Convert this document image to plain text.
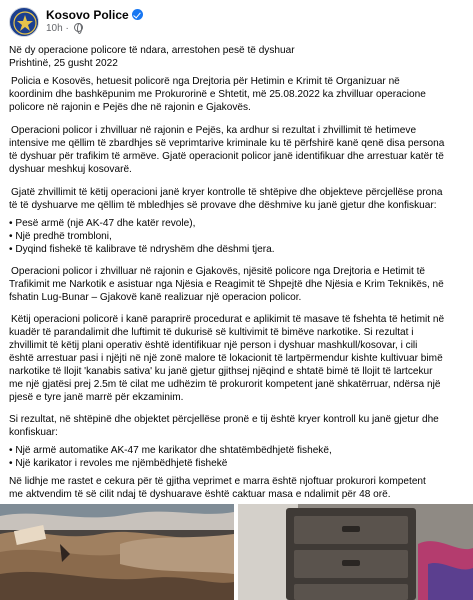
Kosovo Police
10h ·
Në dy operacione policore të ndara, arrestohen pesë të dyshuar
Prishtinë, 25 gusht 2022
Policia e Kosovës, hetuesit policorë nga Drejtoria për Hetimin e Krimit të Organizuar në
koordinim dhe bashkëpunim me Prokurorinë e Shtetit, më 25.08.2022 ka zhvilluar operacione
policore në rajonin e Pejës dhe në rajonin e Gjakovës.
Operacioni policor i zhvilluar në rajonin e Pejës, ka ardhur si rezultat i zhvillimit të hetimeve
intensive me qëllim të zbardhjes së veprimtarive kriminale ku të përfshirë kanë qenë disa persona
të dyshuar për trafikim të armëve. Gjatë operacionit policor janë identifikuar dhe arrestuar katër të
dyshuar meshkuj kosovarë.
Gjatë zhvillimit të këtij operacioni janë kryer kontrolle të shtëpive dhe objekteve përcjellëse prona
të të dyshuarve me qëllim të mbledhjes së provave dhe dëshmive ku janë gjetur dhe konfiskuar:
• Pesë armë (një AK-47 dhe katër revole),
• Një predhë trombloni,
• Dyqind fishekë të kalibrave të ndryshëm dhe dëshmi tjera.
Operacioni policor i zhvilluar në rajonin e Gjakovës, njësitë policore nga Drejtoria e Hetimit të
Trafikimit me Narkotik e asistuar nga Njësia e Reagimit të Shpejtë dhe Njësia e Krim Teknikës, në
fshatin Lug-Bunar – Gjakovë kanë realizuar një operacion policor.
Këtij operacioni policorë i kanë paraprirë procedurat e aplikimit të masave të fshehta të hetimit në
kuadër të parandalimit dhe luftimit të dukurisë së kultivimit të bimëve narkotike. Si rezultat i
zhvillimit të këtij plani operativ është identifikuar një person i dyshuar mashkull/kosovar, i cili
është arrestuar pasi i njëjti në një zonë malore të lokacionit të lartpërmendur kishte kultivuar bimë
narkotike të llojit 'kanabis sativa' ku janë gjetur gjithsej njëqind e shtatë bimë të llojit të lartcekur
me një gjatësi prej 2.5m të cilat me udhëzim të prokurorit kompetent janë shkatërruar, ndërsa një
pjesë e tyre janë marrë për ekzaminim.
Si rezultat, në shtëpinë dhe objektet përcjellëse pronë e tij është kryer kontroll ku janë gjetur dhe
konfiskuar:
• Një armë automatike AK-47 me karikator dhe shtatëmbëdhjetë fishekë,
• Një karikator i revoles me njëmbëdhjetë fishekë
Në lidhje me rastet e cekura për të gjitha veprimet e marra është njoftuar prokurori kompetent
me aktvendim të së cilit ndaj të dyshuarave është caktuar masa e ndalimit për 48 orë.
